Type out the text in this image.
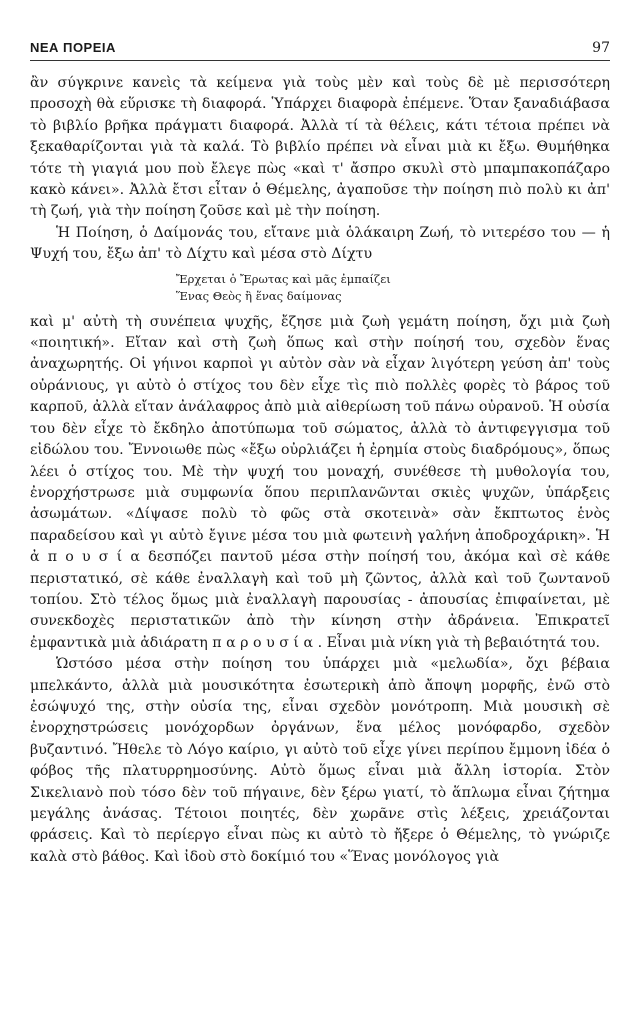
ΝΕΑ ΠΟΡΕΙΑ	97

ἂν σύγκρινε κανεὶς τὰ κείμενα γιὰ τοὺς μὲν καὶ τοὺς δὲ μὲ περισσότερη προσοχὴ θὰ εὕρισκε τὴ διαφορά. Ὑπάρχει διαφορὰ ἐπέμενε. Ὅταν ξαναδιάβασα τὸ βιβλίο βρῆκα πράγματι διαφορά. Ἀλλὰ τί τὰ θέλεις, κάτι τέτοια πρέπει νὰ ξεκαθαρίζονται γιὰ τὰ καλά. Τὸ βιβλίο πρέπει νὰ εἶναι μιὰ κι ἔξω. Θυμήθηκα τότε τὴ γιαγιά μου ποὺ ἔλεγε πὼς «καὶ τ' ἄσπρο σκυλὶ στὸ μπαμπακοπάζαρο κακὸ κάνει». Ἀλλὰ ἔτσι εἶταν ὁ Θέμελης, ἀγαποῦσε τὴν ποίηση πιὸ πολὺ κι ἀπ' τὴ ζωή, γιὰ τὴν ποίηση ζοῦσε καὶ μὲ τὴν ποίηση.

Ἡ Ποίηση, ὁ Δαίμονάς του, εἴτανε μιὰ ὁλάκαιρη Ζωή, τὸ νιτερέσο του — ἡ Ψυχή του, ἔξω ἀπ' τὸ Δίχτυ καὶ μέσα στὸ Δίχτυ

Ἔρχεται ὁ Ἔρωτας καὶ μᾶς ἐμπαίζει
Ἕνας Θεὸς ἢ ἕνας δαίμονας

καὶ μ' αὐτὴ τὴ συνέπεια ψυχῆς, ἔζησε μιὰ ζωὴ γεμάτη ποίηση, ὄχι μιὰ ζωὴ «ποιητική». Εἴταν καὶ στὴ ζωὴ ὅπως καὶ στὴν ποίησή του, σχεδὸν ἕνας ἀναχωρητής. Οἱ γήινοι καρποὶ γι αὐτὸν σὰν νὰ εἶχαν λιγότερη γεύση ἀπ' τοὺς οὐράνιους, γι αὐτὸ ὁ στίχος του δὲν εἶχε τὶς πιὸ πολλὲς φορὲς τὸ βάρος τοῦ καρποῦ, ἀλλὰ εἴταν ἀνάλαφρος ἀπὸ μιὰ αἰθερίωση τοῦ πάνω οὐρανοῦ. Ἡ οὐσία του δὲν εἶχε τὸ ἔκδηλο ἀποτύπωμα τοῦ σώματος, ἀλλὰ τὸ ἀντιφεγγισμα τοῦ εἰδώλου του. Ἔννοιωθε πὼς «ἔξω οὐρλιάζει ἡ ἐρημία στοὺς διαδρόμους», ὅπως λέει ὁ στίχος του. Μὲ τὴν ψυχή του μοναχή, συνέθεσε τὴ μυθολογία του, ἐνορχήστρωσε μιὰ συμφωνία ὅπου περιπλανῶνται σκιὲς ψυχῶν, ὑπάρξεις ἀσωμάτων. «Δίψασε πολὺ τὸ φῶς στὰ σκοτεινὰ» σὰν ἔκπτωτος ἑνὸς παραδείσου καὶ γι αὐτὸ ἔγινε μέσα του μιὰ φωτεινὴ γαλήνη ἀποδροχάρικη». Ἡ ἀ π ο υ σ ί α δεσπόζει παντοῦ μέσα στὴν ποίησή του, ἀκόμα καὶ σὲ κάθε περιστατικό, σὲ κάθε ἐναλλαγὴ καὶ τοῦ μὴ ζῶντος, ἀλλὰ καὶ τοῦ ζωντανοῦ τοπίου. Στὸ τέλος ὅμως μιὰ ἐναλλαγὴ παρουσίας - ἀπουσίας ἐπιφαίνεται, μὲ συνεκδοχὲς περιστατικῶν ἀπὸ τὴν κίνηση στὴν ἀδράνεια. Ἐπικρατεῖ ἐμφαντικὰ μιὰ ἀδιάρατη π α ρ ο υ σ ί α . Εἶναι μιὰ νίκη γιὰ τὴ βεβαιότητά του.

Ὡστόσο μέσα στὴν ποίηση του ὑπάρχει μιὰ «μελωδία», ὄχι βέβαια μπελκάντο, ἀλλὰ μιὰ μουσικότητα ἐσωτερικὴ ἀπὸ ἄποψη μορφῆς, ἐνῶ στὸ ἐσώψυχό της, στὴν οὐσία της, εἶναι σχεδὸν μονότροπη. Μιὰ μουσικὴ σὲ ἐνορχηστρώσεις μονόχορδων ὀργάνων, ἕνα μέλος μονόφαρδο, σχεδὸν βυζαντινό. Ἤθελε τὸ Λόγο καίριο, γι αὐτὸ τοῦ εἶχε γίνει περίπου ἔμμονη ἰδέα ὁ φόβος τῆς πλατυρρημοσύνης. Αὐτὸ ὅμως εἶναι μιὰ ἄλλη ἱστορία. Στὸν Σικελιανὸ ποὺ τόσο δὲν τοῦ πήγαινε, δὲν ξέρω γιατί, τὸ ἅπλωμα εἶναι ζήτημα μεγάλης ἀνάσας. Τέτοιοι ποιητές, δὲν χωρᾶνε στὶς λέξεις, χρειάζονται φράσεις. Καὶ τὸ περίεργο εἶναι πὼς κι αὐτὸ τὸ ἤξερε ὁ Θέμελης, τὸ γνώριζε καλὰ στὸ βάθος. Καὶ ἰδοὺ στὸ δοκίμιό του «Ἕνας μονόλογος γιὰ
